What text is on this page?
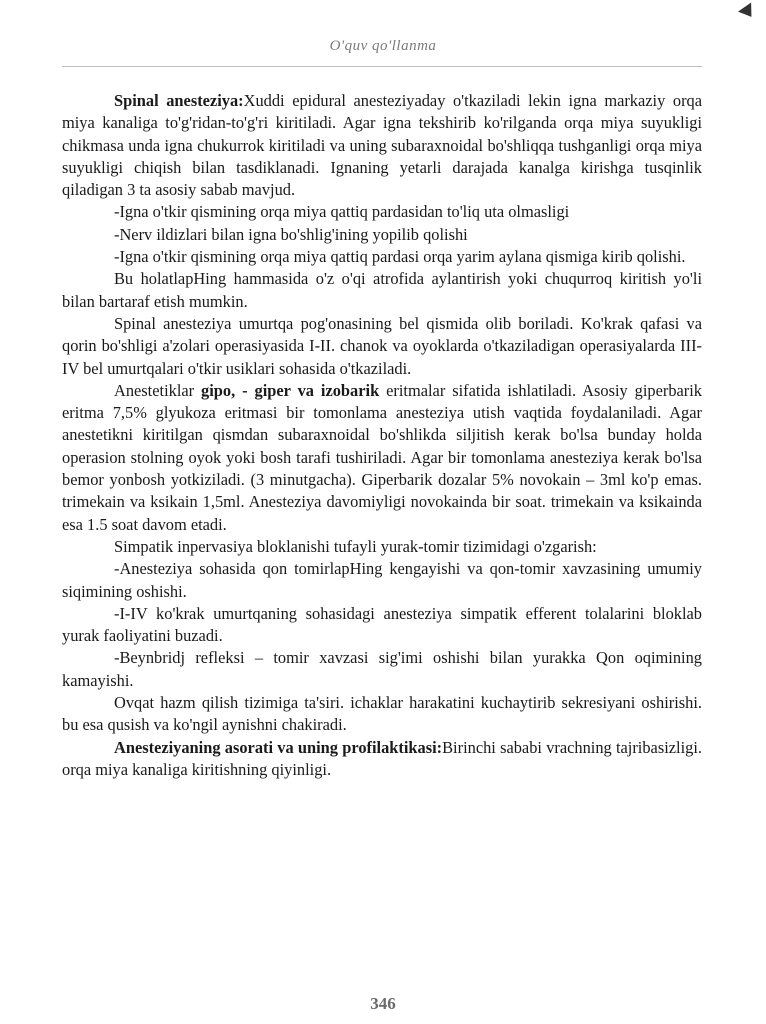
O'quv qo'llanma

Spinal anesteziya:Xuddi epidural anesteziyaday o'tkaziladi lekin igna markaziy orqa miya kanaliga to'g'ridan-to'g'ri kiritiladi. Agar igna tekshirib ko'rilganda orqa miya suyukligi chikmasa unda igna chukurrok kiritiladi va uning subaraxnoidal bo'shliqqa tushganligi orqa miya suyukligi chiqish bilan tasdiklanadi. Ignaning yetarli darajada kanalga kirishga tusqinlik qiladigan 3 ta asosiy sabab mavjud.

-Igna o'tkir qismining orqa miya qattiq pardasidan to'liq uta olmasligi

-Nerv ildizlari bilan igna bo'shlig'ining yopilib qolishi

-Igna o'tkir qismining orqa miya qattiq pardasi orqa yarim aylana qismiga kirib qolishi.

Bu holatlapHing hammasida o'z o'qi atrofida aylantirish yoki chuqurroq kiritish yo'li bilan bartaraf etish mumkin.

Spinal anesteziya umurtqa pog'onasining bel qismida olib boriladi. Ko'krak qafasi va qorin bo'shligi a'zolari operasiyasida I-II. chanok va oyoklarda o'tkaziladigan operasiyalarda III-IV bel umurtqalari o'tkir usiklari sohasida o'tkaziladi.

Anestetiklar gipo, - giper va izobarik eritmalar sifatida ishlatiladi. Asosiy giperbarik eritma 7,5% glyukoza eritmasi bir tomonlama anesteziya utish vaqtida foydalaniladi. Agar anestetikni kiritilgan qismdan subaraxnoidal bo'shlikda siljitish kerak bo'lsa bunday holda operasion stolning oyok yoki bosh tarafi tushiriladi. Agar bir tomonlama anesteziya kerak bo'lsa bemor yonbosh yotkiziladi. (3 minutgacha). Giperbarik dozalar 5% novokain – 3ml ko'p emas. trimekain va ksikain 1,5ml. Anesteziya davomiyligi novokainda bir soat. trimekain va ksikainda esa 1.5 soat davom etadi.

Simpatik inpervasiya bloklanishi tufayli yurak-tomir tizimidagi o'zgarish:

-Anesteziya sohasida qon tomirlapHing kengayishi va qon-tomir xavzasining umumiy siqimining oshishi.

-I-IV ko'krak umurtqaning sohasidagi anesteziya simpatik efferent tolalarini bloklab yurak faoliyatini buzadi.

-Beynbridj refleksi – tomir xavzasi sig'imi oshishi bilan yurakka Qon oqimining kamayishi.

Ovqat hazm qilish tizimiga ta'siri. ichaklar harakatini kuchaytirib sekresiyani oshirishi. bu esa qusish va ko'ngil aynishni chakiradi.

Anesteziyaning asorati va uning profilaktikasi:Birinchi sababi vrachning tajribasizligi. orqa miya kanaliga kiritishning qiyinligi.

346
